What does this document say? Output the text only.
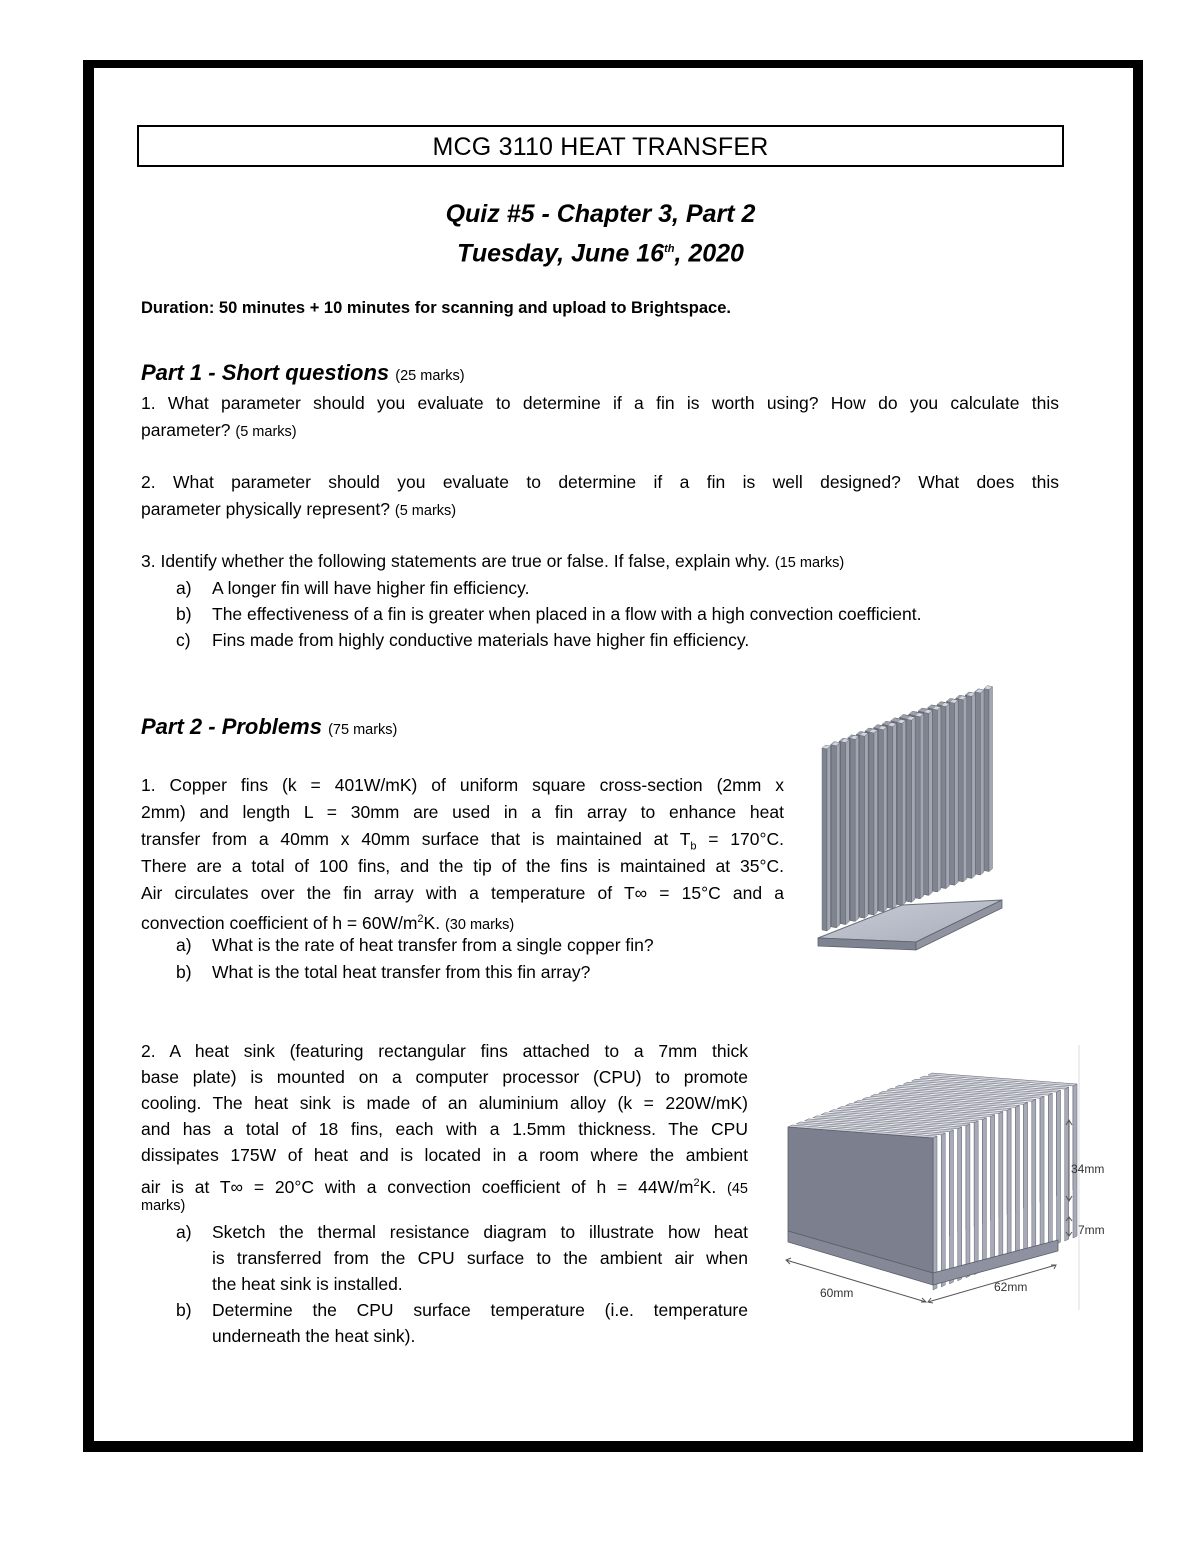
MCG 3110 HEAT TRANSFER
Quiz #5 - Chapter 3, Part 2
Tuesday, June 16th, 2020
Duration: 50 minutes + 10 minutes for scanning and upload to Brightspace.
Part 1 - Short questions (25 marks)
1. What parameter should you evaluate to determine if a fin is worth using? How do you calculate this
parameter? (5 marks)
2. What parameter should you evaluate to determine if a fin is well designed? What does this
parameter physically represent? (5 marks)
3. Identify whether the following statements are true or false. If false, explain why. (15 marks)
a) A longer fin will have higher fin efficiency.
b) The effectiveness of a fin is greater when placed in a flow with a high convection coefficient.
c) Fins made from highly conductive materials have higher fin efficiency.
Part 2 - Problems (75 marks)
1. Copper fins (k = 401W/mK) of uniform square cross-section (2mm x
2mm) and length L = 30mm are used in a fin array to enhance heat
transfer from a 40mm x 40mm surface that is maintained at $T_b = 170^\circ C$.
There are a total of 100 fins, and the tip of the fins is maintained at 35°C.
Air circulates over the fin array with a temperature of T∞ = 15°C and a
convection coefficient of $h = 60W/m^2K$. (30 marks)
a) What is the rate of heat transfer from a single copper fin?
b) What is the total heat transfer from this fin array?
2. A heat sink (featuring rectangular fins attached to a 7mm thick
base plate) is mounted on a computer processor (CPU) to promote
cooling. The heat sink is made of an aluminium alloy (k = 220W/mK)
and has a total of 18 fins, each with a 1.5mm thickness. The CPU
dissipates 175W of heat and is located in a room where the ambient
air is at T∞ = 20°C with a convection coefficient of $h = 44W/m^2K$. (45
marks)
a) Sketch the thermal resistance diagram to illustrate how heat
is transferred from the CPU surface to the ambient air when
the heat sink is installed.
b) Determine the CPU surface temperature (i.e. temperature
underneath the heat sink).
34mm
7mm
60mm	62mm
